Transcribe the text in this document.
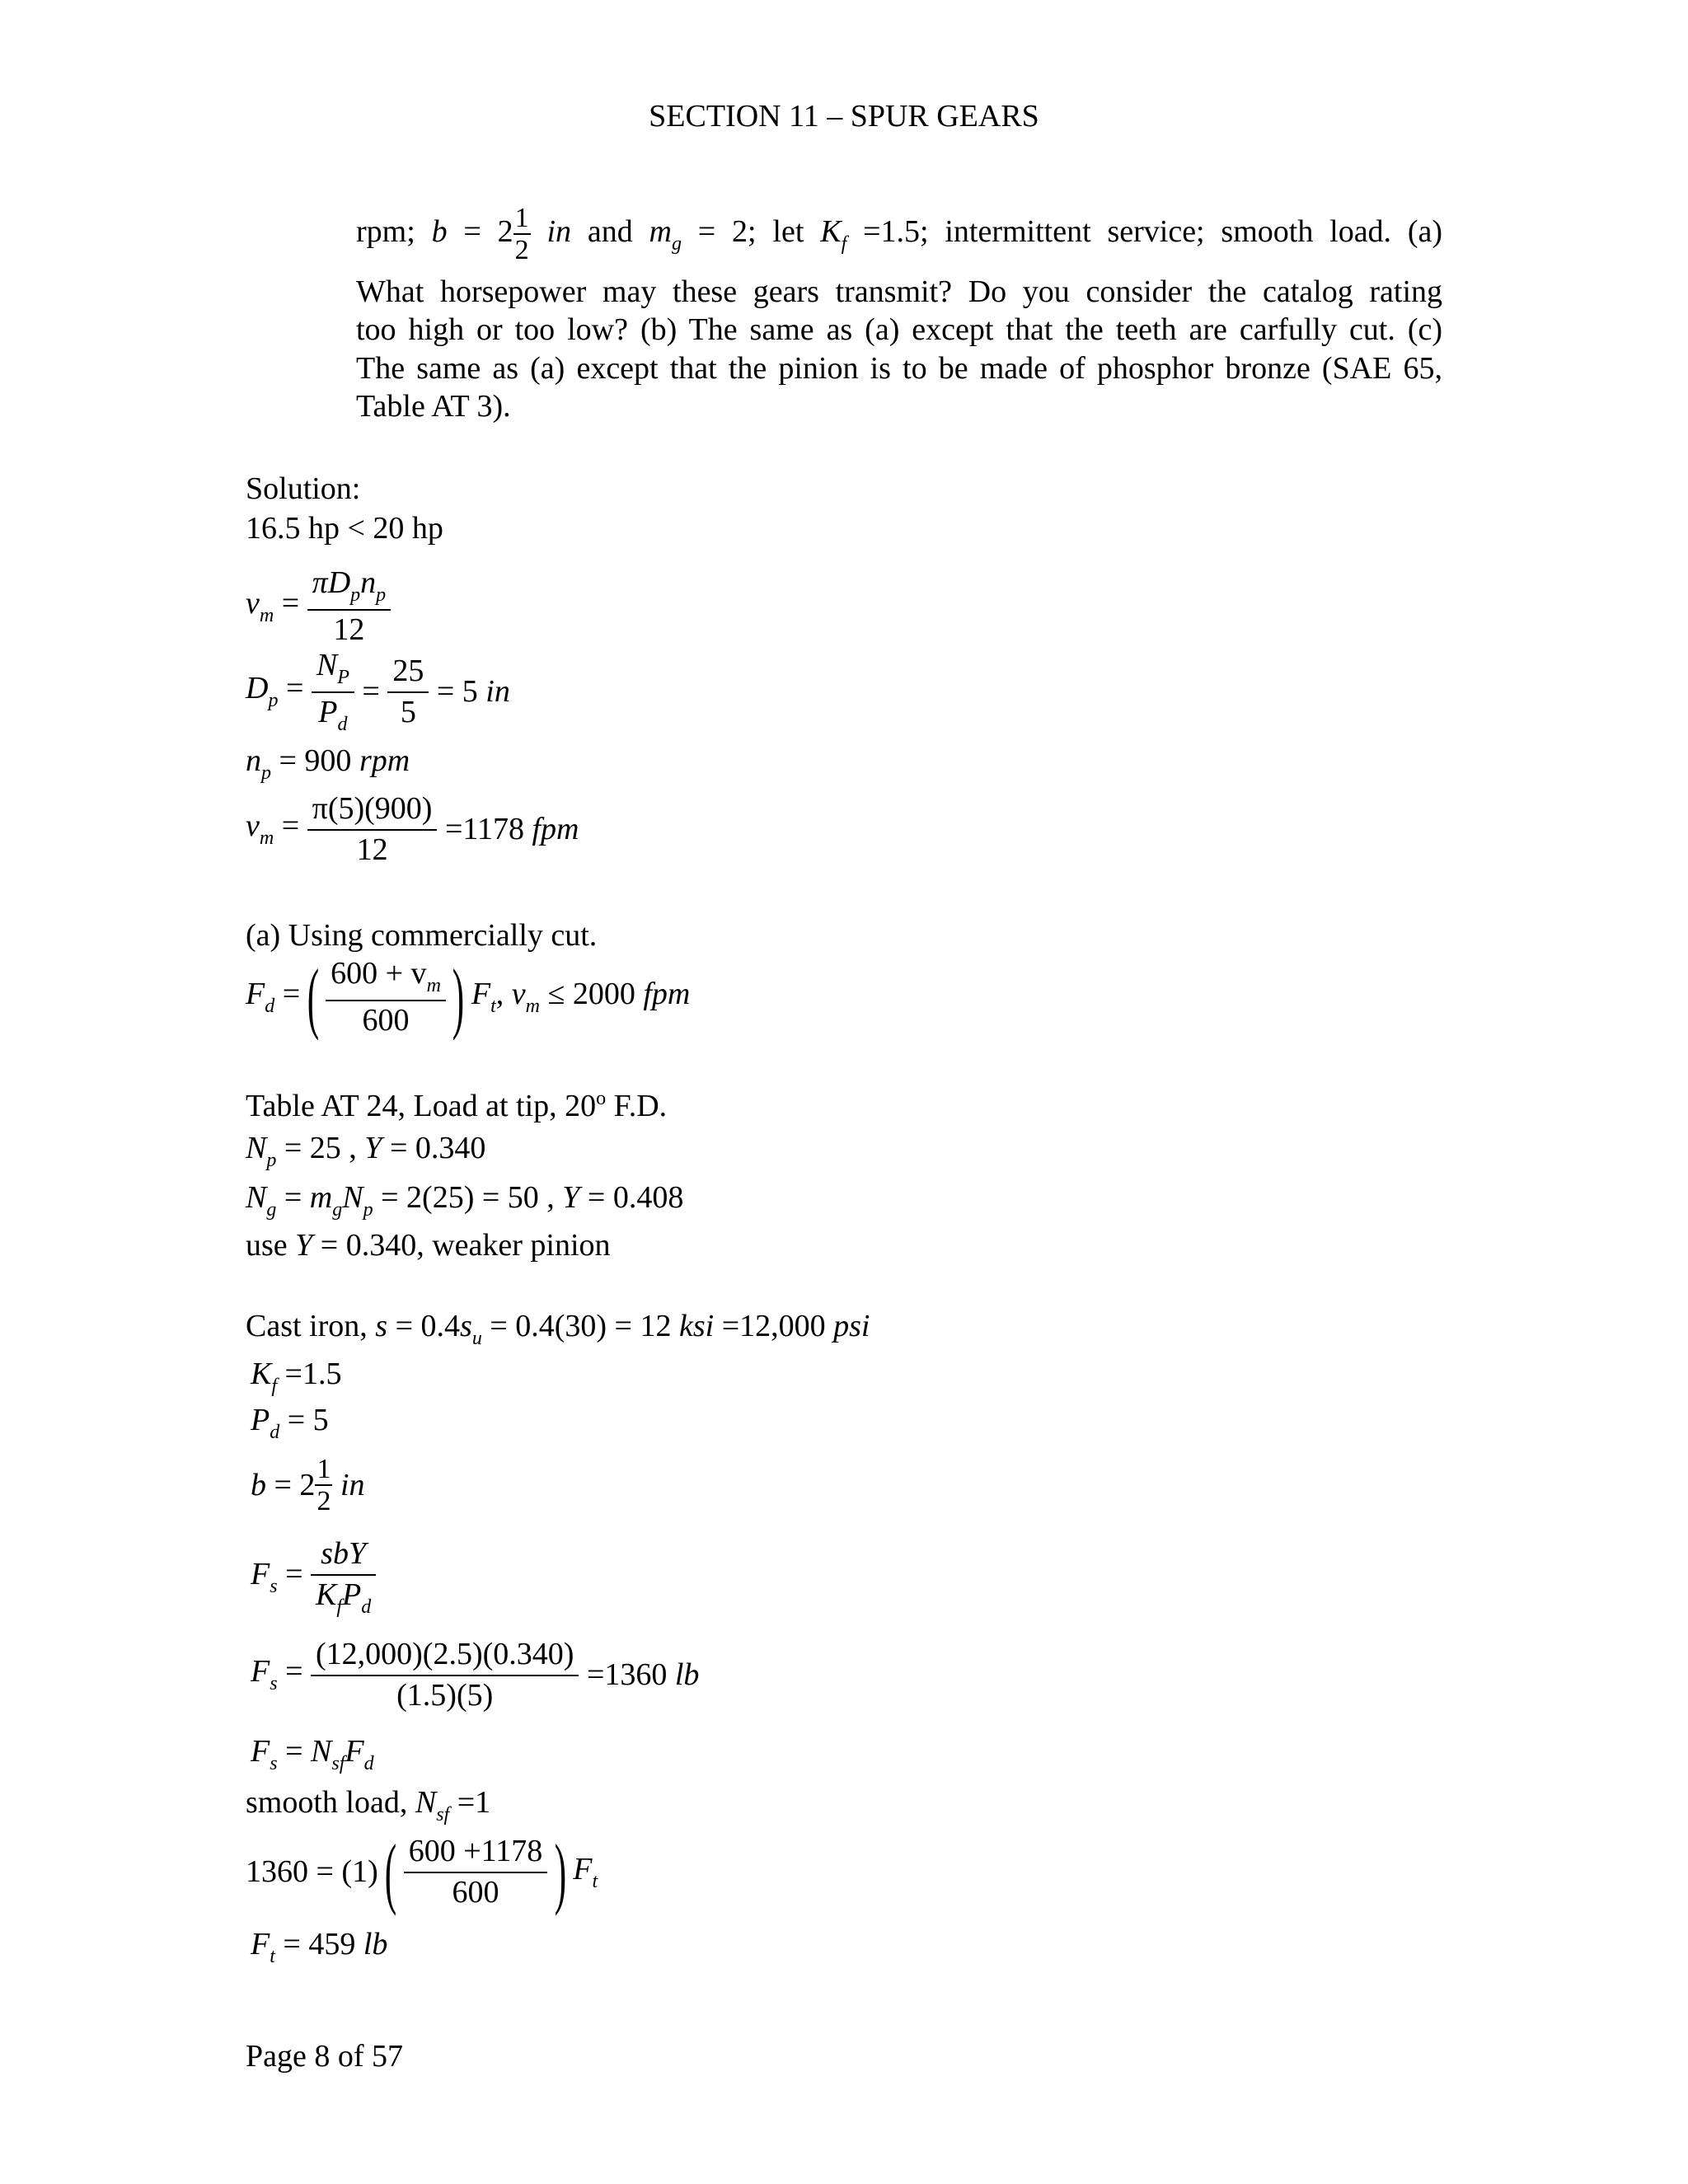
SECTION 11 – SPUR GEARS
rpm; $b = 2 \frac{1}{2}$ in and $m_g = 2$; let $K_f =1.5$; intermittent service; smooth load. (a)
What horsepower may these gears transmit? Do you consider the catalog rating
too high or too low? (b) The same as (a) except that the teeth are carfully cut. (c)
The same as (a) except that the pinion is to be made of phosphor bronze (SAE 65,
Table AT 3).
Solution:
16.5 hp < 20 hp
$v_m = \frac{\pi D_pn_p}{12}$
$D_p = \frac{N_P}{P_d} = \frac{25}{5} = 5$ in
$n_p = 900$ rpm
$v_m = \frac{\pi(5)(900)}{12} =1178$ fpm
(a) Using commercially cut.
$F_d$ = ( $\frac{600 + v_m}{600}$ ) $F_t$, $v_m \le 2000$ fpm
Table AT 24, Load at tip, 20$^o$ F.D.
$N_p = 25$ , Y = 0.340
$N_g = m_gN_p = 2(25) = 50$ , Y = 0.408
use Y = 0.340, weaker pinion
Cast iron, $s = 0.4s_u = 0.4(30) = 12$ ksi =12,000 psi
$K_f =1.5$
$P_d = 5$
$b = 2 \frac{1}{2}$ in
$F_s = \frac{\text{sbY}}{K_fP_d}$
$F_s = \frac{(12,000)(2.5)(0.340)}{(1.5)(5)} =1360$ lb
$F_s = N_{sf}F_d$
smooth load, $N_{sf} =1$
1360 = (1) ( $\frac{600 +1178}{600}$ ) $F_t$
$F_t = 459$ lb
Page 8 of 57
